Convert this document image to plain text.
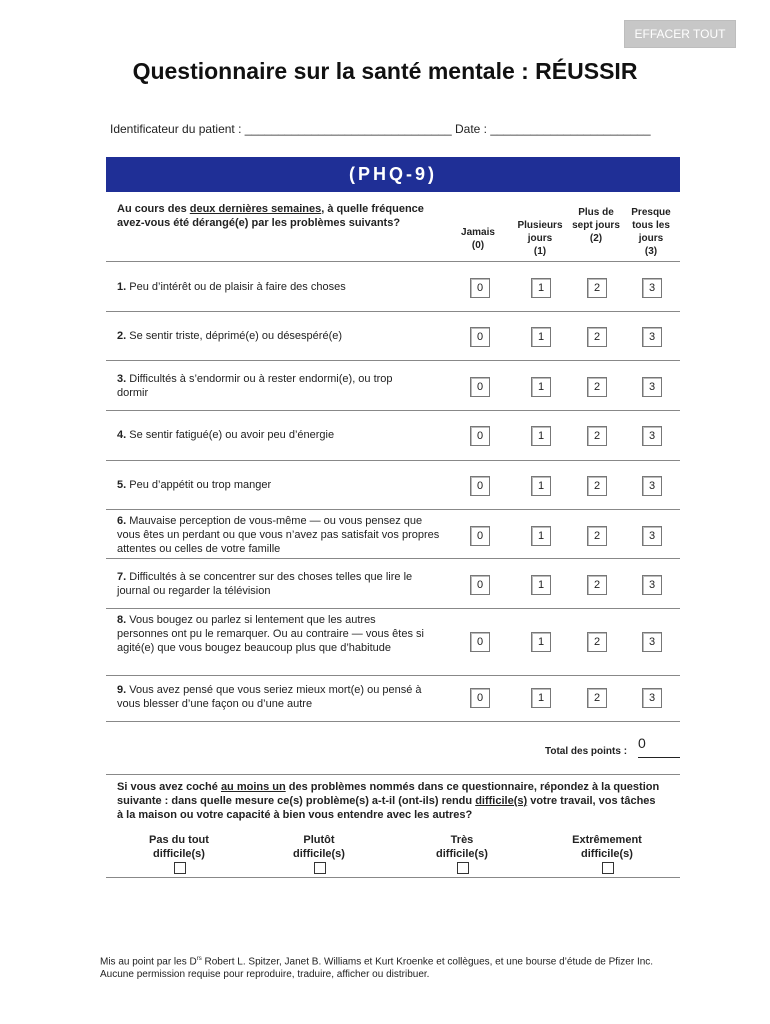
EFFACER TOUT
Questionnaire sur la santé mentale : RÉUSSIR
Identificateur du patient : _______________________________ Date : ________________________
(PHQ-9)
Au cours des deux dernières semaines, à quelle fréquence avez-vous été dérangé(e) par les problèmes suivants?
Jamais
(0)
Plusieurs jours
(1)
Plus de sept jours
(2)
Presque tous les jours
(3)
1. Peu d’intérêt ou de plaisir à faire des choses	0	1	2	3
2. Se sentir triste, déprimé(e) ou désespéré(e)	0	1	2	3
3. Difficultés à s’endormir ou à rester endormi(e), ou trop dormir	0	1	2	3
4. Se sentir fatigué(e) ou avoir peu d’énergie	0	1	2	3
5. Peu d’appétit ou trop manger	0	1	2	3
6. Mauvaise perception de vous-même — ou vous pensez que vous êtes un perdant ou que vous n’avez pas satisfait vos propres attentes ou celles de votre famille
0	1	2	3
7. Difficultés à se concentrer sur des choses telles que lire le journal ou regarder la télévision	0	1	2	3
8. Vous bougez ou parlez si lentement que les autres personnes ont pu le remarquer. Ou au contraire — vous êtes si agité(e) que vous bougez beaucoup plus que d’habitude	0	1	2	3
9. Vous avez pensé que vous seriez mieux mort(e) ou pensé à vous blesser d’une façon ou d’une autre	0	1	2	3
Total des points :
0
Si vous avez coché au moins un des problèmes nommés dans ce questionnaire, répondez à la question suivante : dans quelle mesure ce(s) problème(s) a-t-il (ont-ils) rendu difficile(s) votre travail, vos tâches à la maison ou votre capacité à bien vous entendre avec les autres?
Pas du tout
difficile(s)
Plutôt
difficile(s)
Très
difficile(s)
Extrêmement
difficile(s)
Mis au point par les $D^{rs}$ Robert L. Spitzer, Janet B. Williams et Kurt Kroenke et collègues, et une bourse d’étude de Pfizer Inc. Aucune permission requise pour reproduire, traduire, afficher ou distribuer.
